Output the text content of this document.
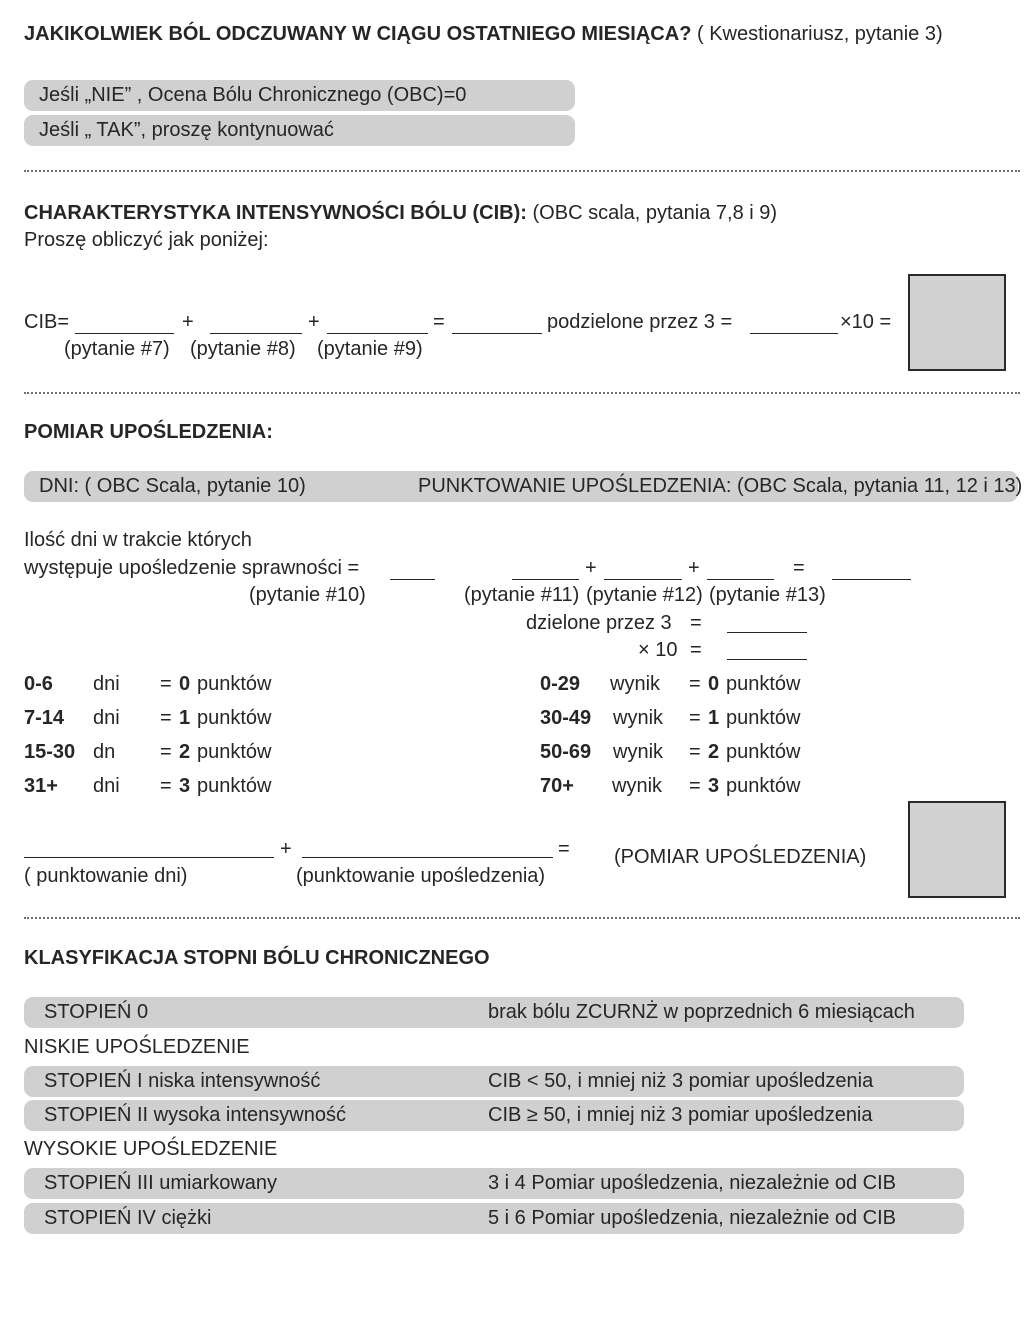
JAKIKOLWIEK BÓL ODCZUWANY W CIĄGU OSTATNIEGO MIESIĄCA? ( Kwestionariusz, pytanie 3)
Jeśli „NIE” , Ocena Bólu Chronicznego (OBC)=0
Jeśli „ TAK”, proszę kontynuować
CHARAKTERYSTYKA INTENSYWNOŚCI BÓLU (CIB): (OBC scala, pytania 7,8 i 9)
Proszę obliczyć jak poniżej:
CIB=	+	+	=	podzielone przez 3 =	×10 =
(pytanie #7) (pytanie #8) (pytanie #9)
POMIAR UPOŚLEDZENIA:
DNI: ( OBC Scala, pytanie 10)	PUNKTOWANIE UPOŚLEDZENIA: (OBC Scala, pytania 11, 12 i 13)
Ilość dni w trakcie których
występuje upośledzenie sprawności =
(pytanie #10)
+	+	=
(pytanie #11) (pytanie #12) (pytanie #13)
dzielone przez 3 =
× 10 =
0-6 dni = 0 punktów
7-14 dni = 1 punktów
15-30 dn = 2 punktów
31+ dni = 3 punktów
0-29 wynik = 0 punktów
30-49 wynik = 1 punktów
50-69 wynik = 2 punktów
70+ wynik = 3 punktów
+	=
( punktowanie dni)	(punktowanie upośledzenia)
(POMIAR UPOŚLEDZENIA)
KLASYFIKACJA STOPNI BÓLU CHRONICZNEGO
STOPIEŃ 0	brak bólu ZCURNŻ w poprzednich 6 miesiącach
NISKIE UPOŚLEDZENIE
STOPIEŃ I niska intensywność	CIB < 50, i mniej niż 3 pomiar upośledzenia
STOPIEŃ II wysoka intensywność	CIB ≥ 50, i mniej niż 3 pomiar upośledzenia
WYSOKIE UPOŚLEDZENIE
STOPIEŃ III umiarkowany	3 i 4 Pomiar upośledzenia, niezależnie od CIB
STOPIEŃ IV ciężki	5 i 6 Pomiar upośledzenia, niezależnie od CIB
